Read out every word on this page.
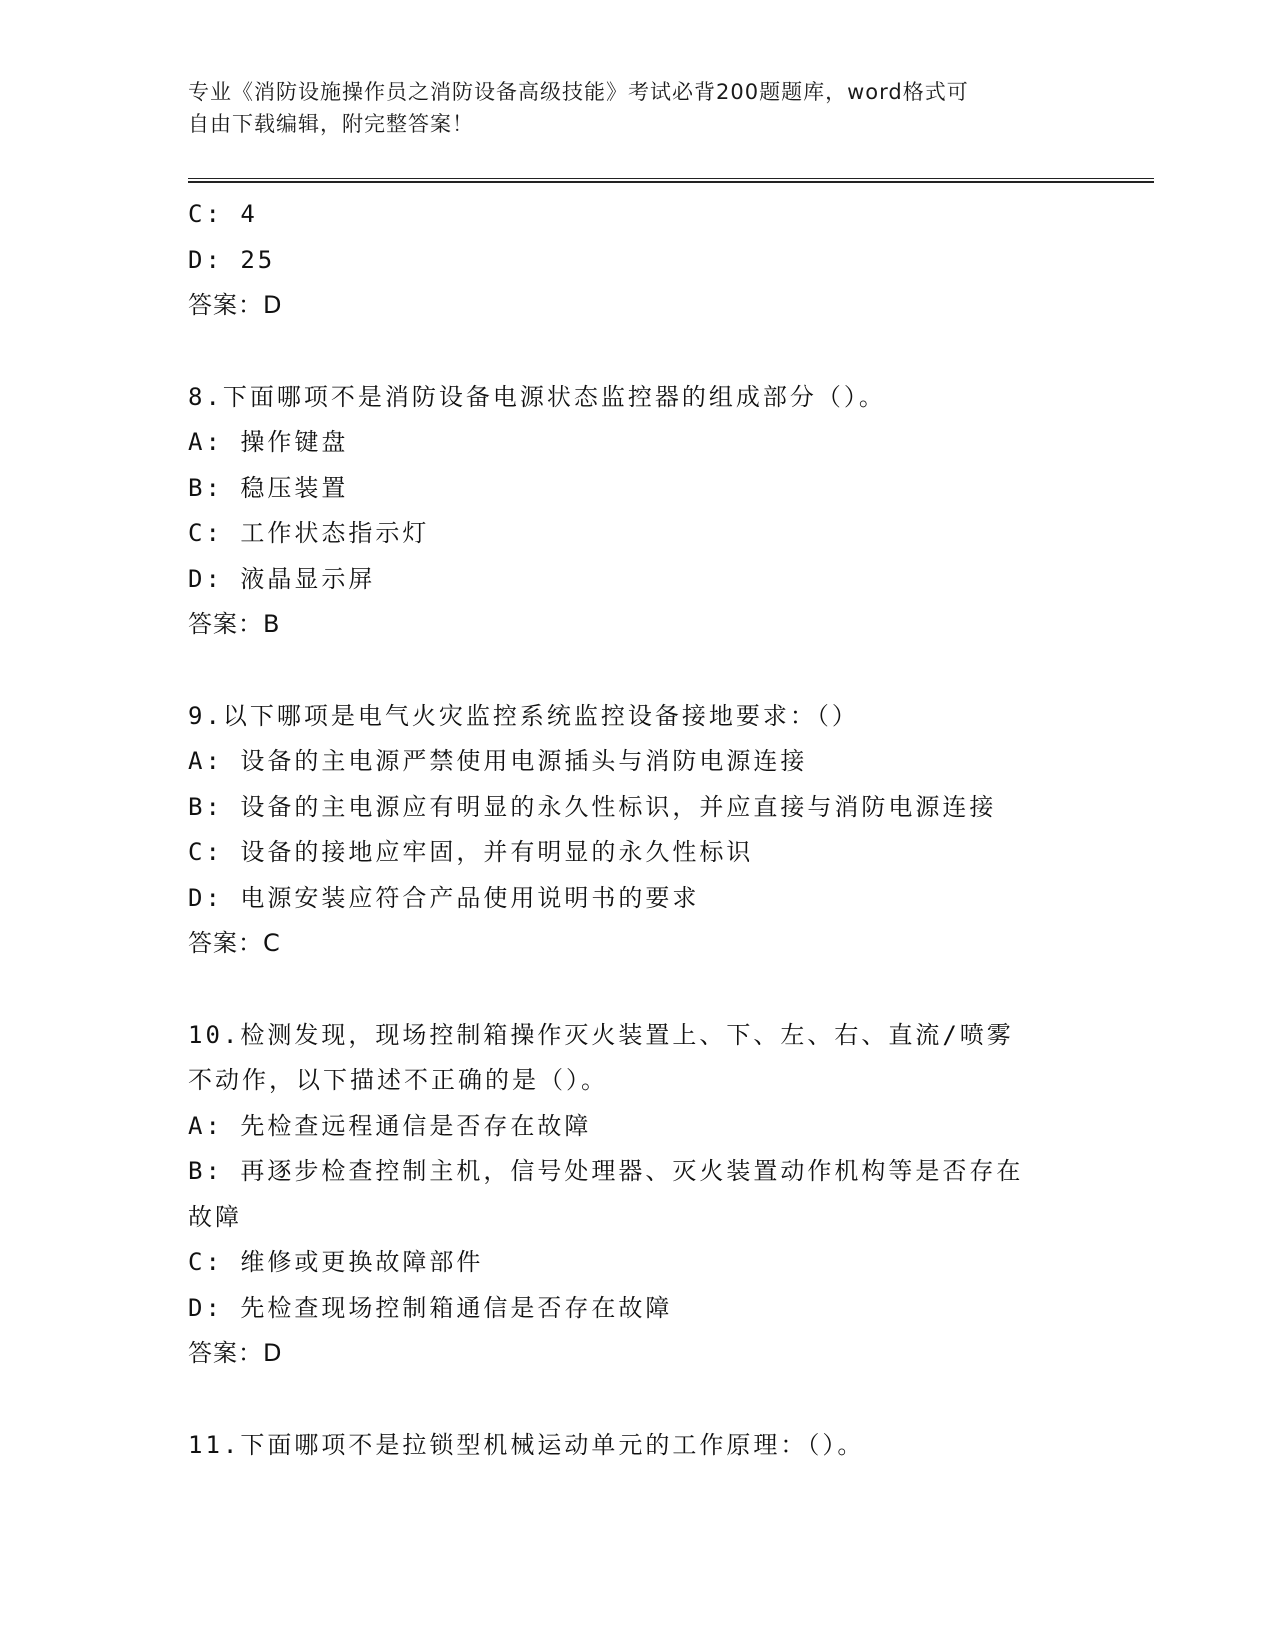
专业《消防设施操作员之消防设备高级技能》考试必背200题题库，word格式可
自由下载编辑，附完整答案！
C: 4
D: 25
答案：D
8.下面哪项不是消防设备电源状态监控器的组成部分（）。
A: 操作键盘
B: 稳压装置
C: 工作状态指示灯
D: 液晶显示屏
答案：B
9.以下哪项是电气火灾监控系统监控设备接地要求：（）
A: 设备的主电源严禁使用电源插头与消防电源连接
B: 设备的主电源应有明显的永久性标识，并应直接与消防电源连接
C: 设备的接地应牢固，并有明显的永久性标识
D: 电源安装应符合产品使用说明书的要求
答案：C
10.检测发现，现场控制箱操作灭火装置上、下、左、右、直流/喷雾
不动作，以下描述不正确的是（）。
A: 先检查远程通信是否存在故障
B: 再逐步检查控制主机，信号处理器、灭火装置动作机构等是否存在
故障
C: 维修或更换故障部件
D: 先检查现场控制箱通信是否存在故障
答案：D
11.下面哪项不是拉锁型机械运动单元的工作原理：（）。
